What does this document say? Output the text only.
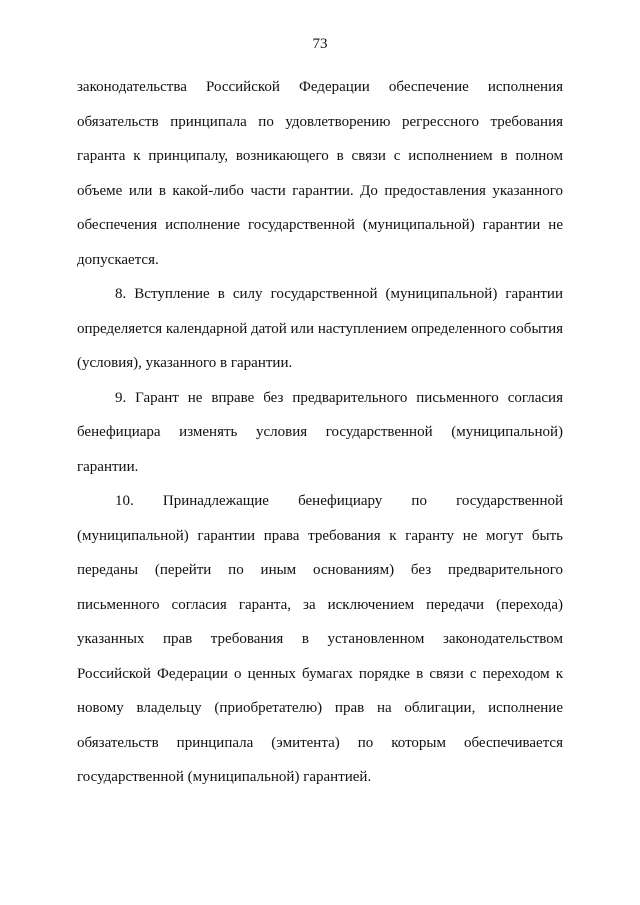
73

законодательства Российской Федерации обеспечение исполнения обязательств принципала по удовлетворению регрессного требования гаранта к принципалу, возникающего в связи с исполнением в полном объеме или в какой-либо части гарантии. До предоставления указанного обеспечения исполнение государственной (муниципальной) гарантии не допускается.

8. Вступление в силу государственной (муниципальной) гарантии определяется календарной датой или наступлением определенного события (условия), указанного в гарантии.

9. Гарант не вправе без предварительного письменного согласия бенефициара изменять условия государственной (муниципальной) гарантии.

10. Принадлежащие бенефициару по государственной (муниципальной) гарантии права требования к гаранту не могут быть переданы (перейти по иным основаниям) без предварительного письменного согласия гаранта, за исключением передачи (перехода) указанных прав требования в установленном законодательством Российской Федерации о ценных бумагах порядке в связи с переходом к новому владельцу (приобретателю) прав на облигации, исполнение обязательств принципала (эмитента) по которым обеспечивается государственной (муниципальной) гарантией.
